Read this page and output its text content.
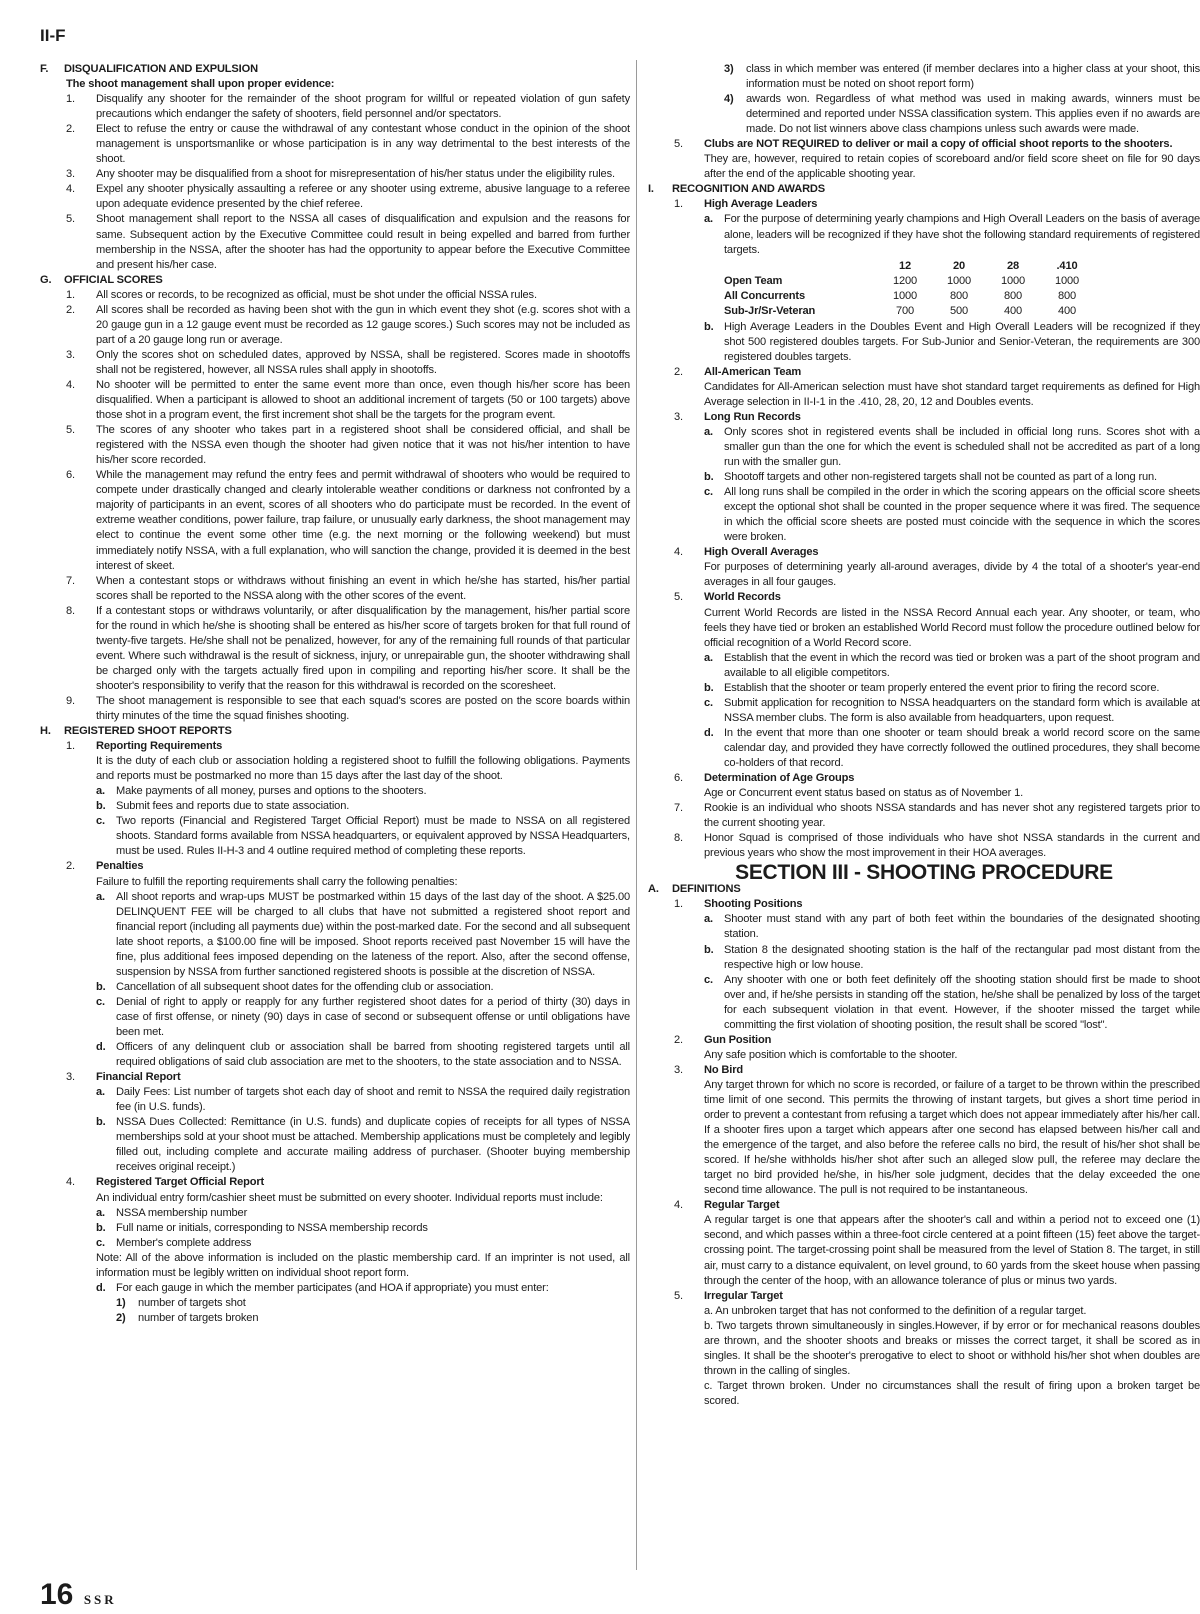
II-F
F.	DISQUALIFICATION AND EXPULSION
The shoot management shall upon proper evidence:
1.	Disqualify any shooter for the remainder of the shoot program for willful or repeated violation of gun safety precautions which endanger the safety of shooters, field personnel and/or spectators.
2.	Elect to refuse the entry or cause the withdrawal of any contestant whose conduct in the opinion of the shoot management is unsportsmanlike or whose participation is in any way detrimental to the best interests of the shoot.
3.	Any shooter may be disqualified from a shoot for misrepresentation of his/her status under the eligibility rules.
4.	Expel any shooter physically assaulting a referee or any shooter using extreme, abusive language to a referee upon adequate evidence presented by the chief referee.
5.	Shoot management shall report to the NSSA all cases of disqualification and expulsion and the reasons for same. Subsequent action by the Executive Committee could result in being expelled and barred from further membership in the NSSA, after the shooter has had the opportunity to appear before the Executive Committee and present his/her case.
G.	OFFICIAL SCORES
1.	All scores or records, to be recognized as official, must be shot under the official NSSA rules.
2.	All scores shall be recorded as having been shot with the gun in which event they shot (e.g. scores shot with a 20 gauge gun in a 12 gauge event must be recorded as 12 gauge scores.) Such scores may not be included as part of a 20 gauge long run or average.
3.	Only the scores shot on scheduled dates, approved by NSSA, shall be registered. Scores made in shootoffs shall not be registered, however, all NSSA rules shall apply in shootoffs.
4.	No shooter will be permitted to enter the same event more than once, even though his/her score has been disqualified. When a participant is allowed to shoot an additional increment of targets (50 or 100 targets) above those shot in a program event, the first increment shot shall be the targets for the program event.
5.	The scores of any shooter who takes part in a registered shoot shall be considered official, and shall be registered with the NSSA even though the shooter had given notice that it was not his/her intention to have his/her score recorded.
6.	While the management may refund the entry fees and permit withdrawal of shooters who would be required to compete under drastically changed and clearly intolerable weather conditions or darkness not confronted by a majority of participants in an event, scores of all shooters who do participate must be recorded. In the event of extreme weather conditions, power failure, trap failure, or unusually early darkness, the shoot management may elect to continue the event some other time (e.g. the next morning or the following weekend) but must immediately notify NSSA, with a full explanation, who will sanction the change, provided it is deemed in the best interest of skeet.
7.	When a contestant stops or withdraws without finishing an event in which he/she has started, his/her partial scores shall be reported to the NSSA along with the other scores of the event.
8.	If a contestant stops or withdraws voluntarily, or after disqualification by the management, his/her partial score for the round in which he/she is shooting shall be entered as his/her score of targets broken for that full round of twenty-five targets. He/she shall not be penalized, however, for any of the remaining full rounds of that particular event. Where such withdrawal is the result of sickness, injury, or unrepairable gun, the shooter withdrawing shall be charged only with the targets actually fired upon in compiling and reporting his/her score. It shall be the shooter's responsibility to verify that the reason for this withdrawal is recorded on the scoresheet.
9.	The shoot management is responsible to see that each squad's scores are posted on the score boards within thirty minutes of the time the squad finishes shooting.
H.	REGISTERED SHOOT REPORTS
1.	Reporting Requirements
It is the duty of each club or association holding a registered shoot to fulfill the following obligations. Payments and reports must be postmarked no more than 15 days after the last day of the shoot.
a. Make payments of all money, purses and options to the shooters.
b. Submit fees and reports due to state association.
c. Two reports (Financial and Registered Target Official Report) must be made to NSSA on all registered shoots. Standard forms available from NSSA headquarters, or equivalent approved by NSSA Headquarters, must be used. Rules II-H-3 and 4 outline required method of completing these reports.
2.	Penalties
Failure to fulfill the reporting requirements shall carry the following penalties:
a. All shoot reports and wrap-ups MUST be postmarked within 15 days of the last day of the shoot. A $25.00 DELINQUENT FEE will be charged to all clubs that have not submitted a registered shoot report and financial report (including all payments due) within the post-marked date. For the second and all subsequent late shoot reports, a $100.00 fine will be imposed. Shoot reports received past November 15 will have the fine, plus additional fees imposed depending on the lateness of the report. Also, after the second offense, suspension by NSSA from further sanctioned registered shoots is possible at the discretion of NSSA.
b. Cancellation of all subsequent shoot dates for the offending club or association.
c. Denial of right to apply or reapply for any further registered shoot dates for a period of thirty (30) days in case of first offense, or ninety (90) days in case of second or subsequent offense or until obligations have been met.
d. Officers of any delinquent club or association shall be barred from shooting registered targets until all required obligations of said club association are met to the shooters, to the state association and to NSSA.
3.	Financial Report
a. Daily Fees: List number of targets shot each day of shoot and remit to NSSA the required daily registration fee (in U.S. funds).
b. NSSA Dues Collected: Remittance (in U.S. funds) and duplicate copies of receipts for all types of NSSA memberships sold at your shoot must be attached. Membership applications must be completely and legibly filled out, including complete and accurate mailing address of purchaser. (Shooter buying membership receives original receipt.)
4.	Registered Target Official Report
An individual entry form/cashier sheet must be submitted on every shooter. Individual reports must include:
a. NSSA membership number
b. Full name or initials, corresponding to NSSA membership records
c. Member's complete address
Note: All of the above information is included on the plastic membership card. If an imprinter is not used, all information must be legibly written on individual shoot report form.
d. For each gauge in which the member participates (and HOA if appropriate) you must enter:
1)	number of targets shot
2)	number of targets broken
3)	class in which member was entered (if member declares into a higher class at your shoot, this information must be noted on shoot report form)
4)	awards won. Regardless of what method was used in making awards, winners must be determined and reported under NSSA classification system. This applies even if no awards are made. Do not list winners above class champions unless such awards were made.
5.	Clubs are NOT REQUIRED to deliver or mail a copy of official shoot reports to the shooters.
They are, however, required to retain copies of scoreboard and/or field score sheet on file for 90 days after the end of the applicable shooting year.
I.	RECOGNITION AND AWARDS
1.	High Average Leaders
a. For the purpose of determining yearly champions and High Overall Leaders on the basis of average alone, leaders will be recognized if they have shot the following standard requirements of registered targets.
	12	20	28	.410
Open Team	1200	1000	1000	1000
All Concurrents	1000	800	800	800
Sub-Jr/Sr-Veteran	700	500	400	400
b. High Average Leaders in the Doubles Event and High Overall Leaders will be recognized if they shot 500 registered doubles targets. For Sub-Junior and Senior-Veteran, the requirements are 300 registered doubles targets.
2.	All-American Team
Candidates for All-American selection must have shot standard target requirements as defined for High Average selection in II-I-1 in the .410, 28, 20, 12 and Doubles events.
3.	Long Run Records
a. Only scores shot in registered events shall be included in official long runs. Scores shot with a smaller gun than the one for which the event is scheduled shall not be accredited as part of a long run with the smaller gun.
b. Shootoff targets and other non-registered targets shall not be counted as part of a long run.
c. All long runs shall be compiled in the order in which the scoring appears on the official score sheets except the optional shot shall be counted in the proper sequence where it was fired. The sequence in which the official score sheets are posted must coincide with the sequence in which the scores were broken.
4.	High Overall Averages
For purposes of determining yearly all-around averages, divide by 4 the total of a shooter's year-end averages in all four gauges.
5.	World Records
Current World Records are listed in the NSSA Record Annual each year. Any shooter, or team, who feels they have tied or broken an established World Record must follow the procedure outlined below for official recognition of a World Record score.
a. Establish that the event in which the record was tied or broken was a part of the shoot program and available to all eligible competitors.
b. Establish that the shooter or team properly entered the event prior to firing the record score.
c. Submit application for recognition to NSSA headquarters on the standard form which is available at NSSA member clubs. The form is also available from headquarters, upon request.
d. In the event that more than one shooter or team should break a world record score on the same calendar day, and provided they have correctly followed the outlined procedures, they shall become co-holders of that record.
6.	Determination of Age Groups
Age or Concurrent event status based on status as of November 1.
7.	Rookie is an individual who shoots NSSA standards and has never shot any registered targets prior to the current shooting year.
8.	Honor Squad is comprised of those individuals who have shot NSSA standards in the current and previous years who show the most improvement in their HOA averages.
SECTION III - SHOOTING PROCEDURE
A.	DEFINITIONS
1.	Shooting Positions
a. Shooter must stand with any part of both feet within the boundaries of the designated shooting station.
b. Station 8 the designated shooting station is the half of the rectangular pad most distant from the respective high or low house.
c. Any shooter with one or both feet definitely off the shooting station should first be made to shoot over and, if he/she persists in standing off the station, he/she shall be penalized by loss of the target for each subsequent violation in that event. However, if the shooter missed the target while committing the first violation of shooting position, the result shall be scored "lost".
2.	Gun Position
Any safe position which is comfortable to the shooter.
3.	No Bird
Any target thrown for which no score is recorded, or failure of a target to be thrown within the prescribed time limit of one second. This permits the throwing of instant targets, but gives a short time period in order to prevent a contestant from refusing a target which does not appear immediately after his/her call. If a shooter fires upon a target which appears after one second has elapsed between his/her call and the emergence of the target, and also before the referee calls no bird, the result of his/her shot shall be scored. If he/she withholds his/her shot after such an alleged slow pull, the referee may declare the target no bird provided he/she, in his/her sole judgment, decides that the delay exceeded the one second time allowance. The pull is not required to be instantaneous.
4.	Regular Target
A regular target is one that appears after the shooter's call and within a period not to exceed one (1) second, and which passes within a three-foot circle centered at a point fifteen (15) feet above the target-crossing point. The target-crossing point shall be measured from the level of Station 8. The target, in still air, must carry to a distance equivalent, on level ground, to 60 yards from the skeet house when passing through the center of the hoop, with an allowance tolerance of plus or minus two yards.
5.	Irregular Target
a. An unbroken target that has not conformed to the definition of a regular target.
b. Two targets thrown simultaneously in singles.However, if by error or for mechanical reasons doubles are thrown, and the shooter shoots and breaks or misses the correct target, it shall be scored as in singles. It shall be the shooter's prerogative to elect to shoot or withhold his/her shot when doubles are thrown in the calling of singles.
c. Target thrown broken. Under no circumstances shall the result of firing upon a broken target be scored.
16 SSR
